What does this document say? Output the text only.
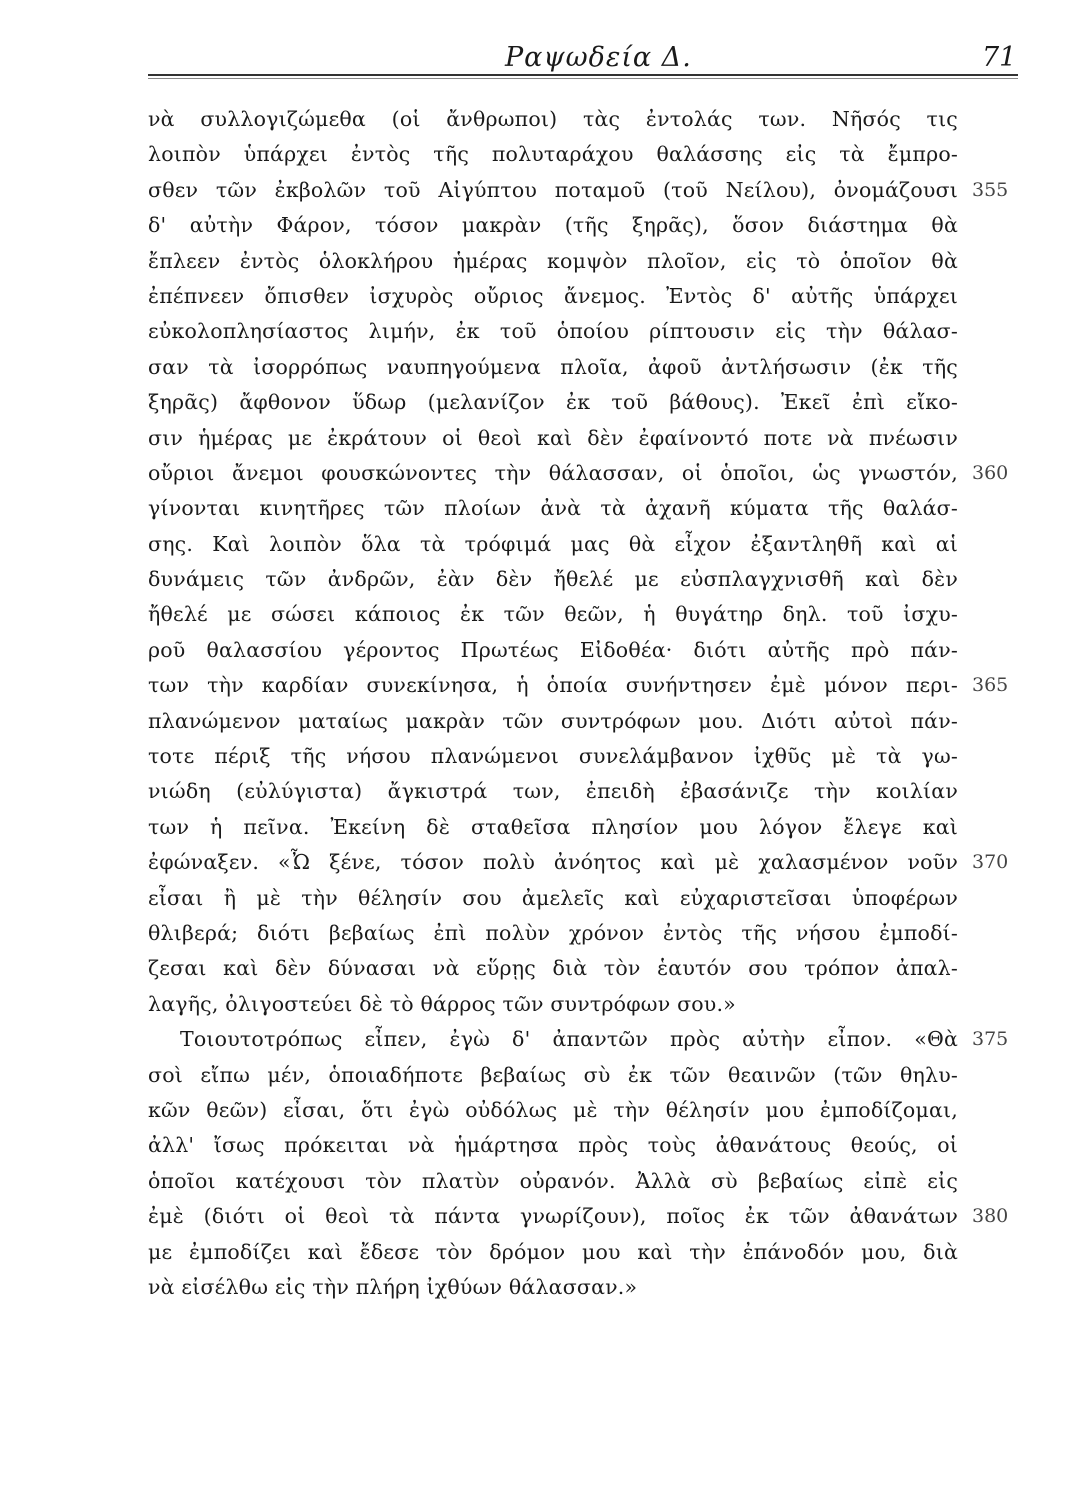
Ραψωδεία Δ.	71
νὰ συλλογιζώμεθα (οἱ ἄνθρωποι) τὰς ἐντολάς των. Νῆσός τις
λοιπὸν ὑπάρχει ἐντὸς τῆς πολυταράχου θαλάσσης εἰς τὰ ἔμπρο-
σθεν τῶν ἐκβολῶν τοῦ Αἰγύπτου ποταμοῦ (τοῦ Νείλου), ὀνομάζουσι
δ' αὐτὴν Φάρον, τόσον μακρὰν (τῆς ξηρᾶς), ὅσον διάστημα θὰ
ἔπλεεν ἐντὸς ὁλοκλήρου ἡμέρας κομψὸν πλοῖον, εἰς τὸ ὁποῖον θὰ
ἐπέπνεεν ὄπισθεν ἰσχυρὸς οὔριος ἄνεμος. Ἐντὸς δ' αὐτῆς ὑπάρχει
εὐκολοπλησίαστος λιμήν, ἐκ τοῦ ὁποίου ρίπτουσιν εἰς τὴν θάλασ-
σαν τὰ ἰσορρόπως ναυπηγούμενα πλοῖα, ἀφοῦ ἀντλήσωσιν (ἐκ τῆς
ξηρᾶς) ἄφθονον ὕδωρ (μελανίζον ἐκ τοῦ βάθους). Ἐκεῖ ἐπὶ εἴκο-
σιν ἡμέρας με ἐκράτουν οἱ θεοὶ καὶ δὲν ἐφαίνοντό ποτε νὰ πνέωσιν
οὔριοι ἄνεμοι φουσκώνοντες τὴν θάλασσαν, οἱ ὁποῖοι, ὡς γνωστόν,
γίνονται κινητῆρες τῶν πλοίων ἀνὰ τὰ ἀχανῆ κύματα τῆς θαλάσ-
σης. Καὶ λοιπὸν ὅλα τὰ τρόφιμά μας θὰ εἶχον ἐξαντληθῆ καὶ αἱ
δυνάμεις τῶν ἀνδρῶν, ἐὰν δὲν ἤθελέ με εὐσπλαγχνισθῆ καὶ δὲν
ἤθελέ με σώσει κάποιος ἐκ τῶν θεῶν, ἡ θυγάτηρ δηλ. τοῦ ἰσχυ-
ροῦ θαλασσίου γέροντος Πρωτέως Εἰδοθέα· διότι αὐτῆς πρὸ πάν-
των τὴν καρδίαν συνεκίνησα, ἡ ὁποία συνήντησεν ἐμὲ μόνον περι-
πλανώμενον ματαίως μακρὰν τῶν συντρόφων μου. Διότι αὐτοὶ πάν-
τοτε πέριξ τῆς νήσου πλανώμενοι συνελάμβανον ἰχθῦς μὲ τὰ γω-
νιώδη (εὐλύγιστα) ἄγκιστρά των, ἐπειδὴ ἐβασάνιζε τὴν κοιλίαν
των ἡ πεῖνα. Ἐκείνη δὲ σταθεῖσα πλησίον μου λόγον ἔλεγε καὶ
ἐφώναξεν. «Ὦ ξένε, τόσον πολὺ ἀνόητος καὶ μὲ χαλασμένον νοῦν
εἶσαι ἢ μὲ τὴν θέλησίν σου ἀμελεῖς καὶ εὐχαριστεῖσαι ὑποφέρων
θλιβερά; διότι βεβαίως ἐπὶ πολὺν χρόνον ἐντὸς τῆς νήσου ἐμποδί-
ζεσαι καὶ δὲν δύνασαι νὰ εὕρῃς διὰ τὸν ἑαυτόν σου τρόπον ἀπαλ-
λαγῆς, ὀλιγοστεύει δὲ τὸ θάρρος τῶν συντρόφων σου.»
Τοιουτοτρόπως εἶπεν, ἐγὼ δ' ἀπαντῶν πρὸς αὐτὴν εἶπον. «Θὰ
σοὶ εἴπω μέν, ὁποιαδήποτε βεβαίως σὺ ἐκ τῶν θεαινῶν (τῶν θηλυ-
κῶν θεῶν) εἶσαι, ὅτι ἐγὼ οὐδόλως μὲ τὴν θέλησίν μου ἐμποδίζομαι,
ἀλλ' ἴσως πρόκειται νὰ ἡμάρτησα πρὸς τοὺς ἀθανάτους θεούς, οἱ
ὁποῖοι κατέχουσι τὸν πλατὺν οὐρανόν. Ἀλλὰ σὺ βεβαίως εἰπὲ εἰς
ἐμὲ (διότι οἱ θεοὶ τὰ πάντα γνωρίζουν), ποῖος ἐκ τῶν ἀθανάτων
με ἐμποδίζει καὶ ἔδεσε τὸν δρόμον μου καὶ τὴν ἐπάνοδόν μου, διὰ
νὰ εἰσέλθω εἰς τὴν πλήρη ἰχθύων θάλασσαν.»
355
360
365
370
375
380
